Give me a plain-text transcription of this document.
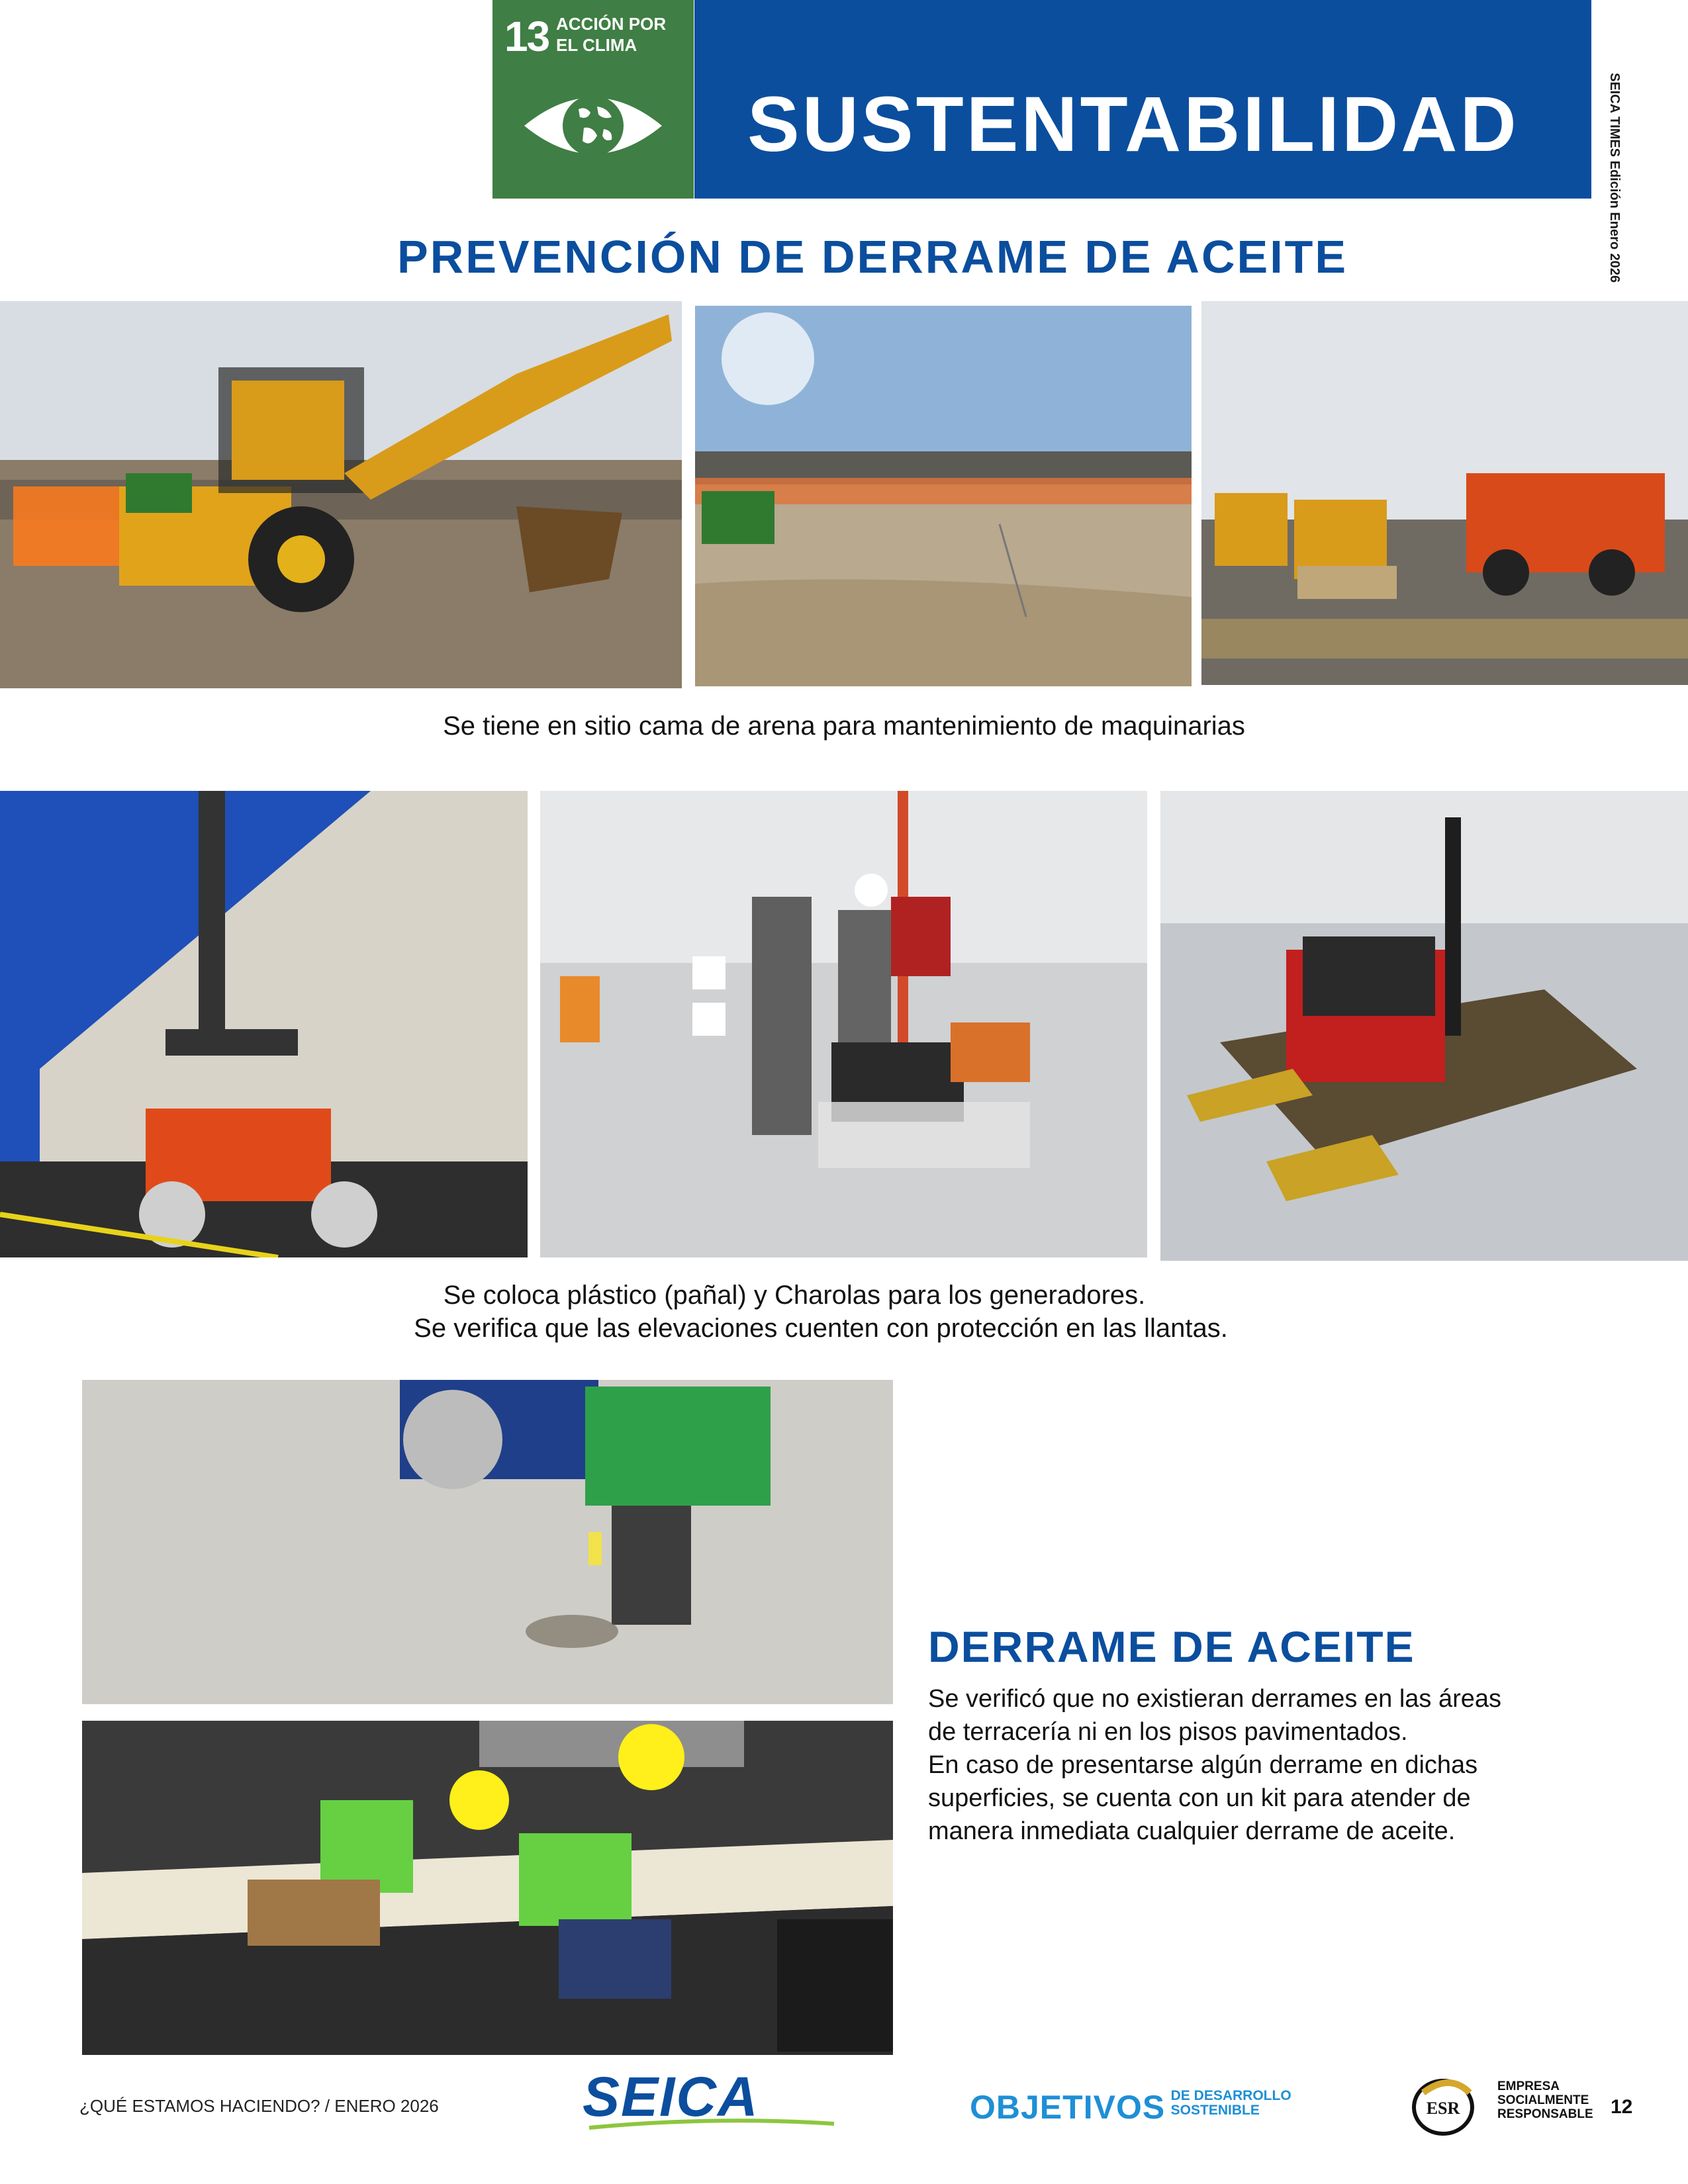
13 ACCIÓN POR EL CLIMA
SUSTENTABILIDAD	SEICA TIMES Edición Enero 2026
PREVENCIÓN DE DERRAME DE ACEITE
Se tiene en sitio cama de arena para mantenimiento de maquinarias
Se coloca plástico (pañal) y Charolas para los generadores.
Se verifica que las elevaciones cuenten con protección en las llantas.
DERRAME DE ACEITE
Se verificó que no existieran derrames en las áreas
de terracería ni en los pisos pavimentados.
En caso de presentarse algún derrame en dichas
superficies, se cuenta con un kit para atender de
manera inmediata cualquier derrame de aceite.
¿QUÉ ESTAMOS HACIENDO? / ENERO 2026	SEICA	OBJETIVOS DE DESARROLLO
SOSTENIBLE	ESR
EMPRESA
SOCIALMENTE
RESPONSABLE 12
